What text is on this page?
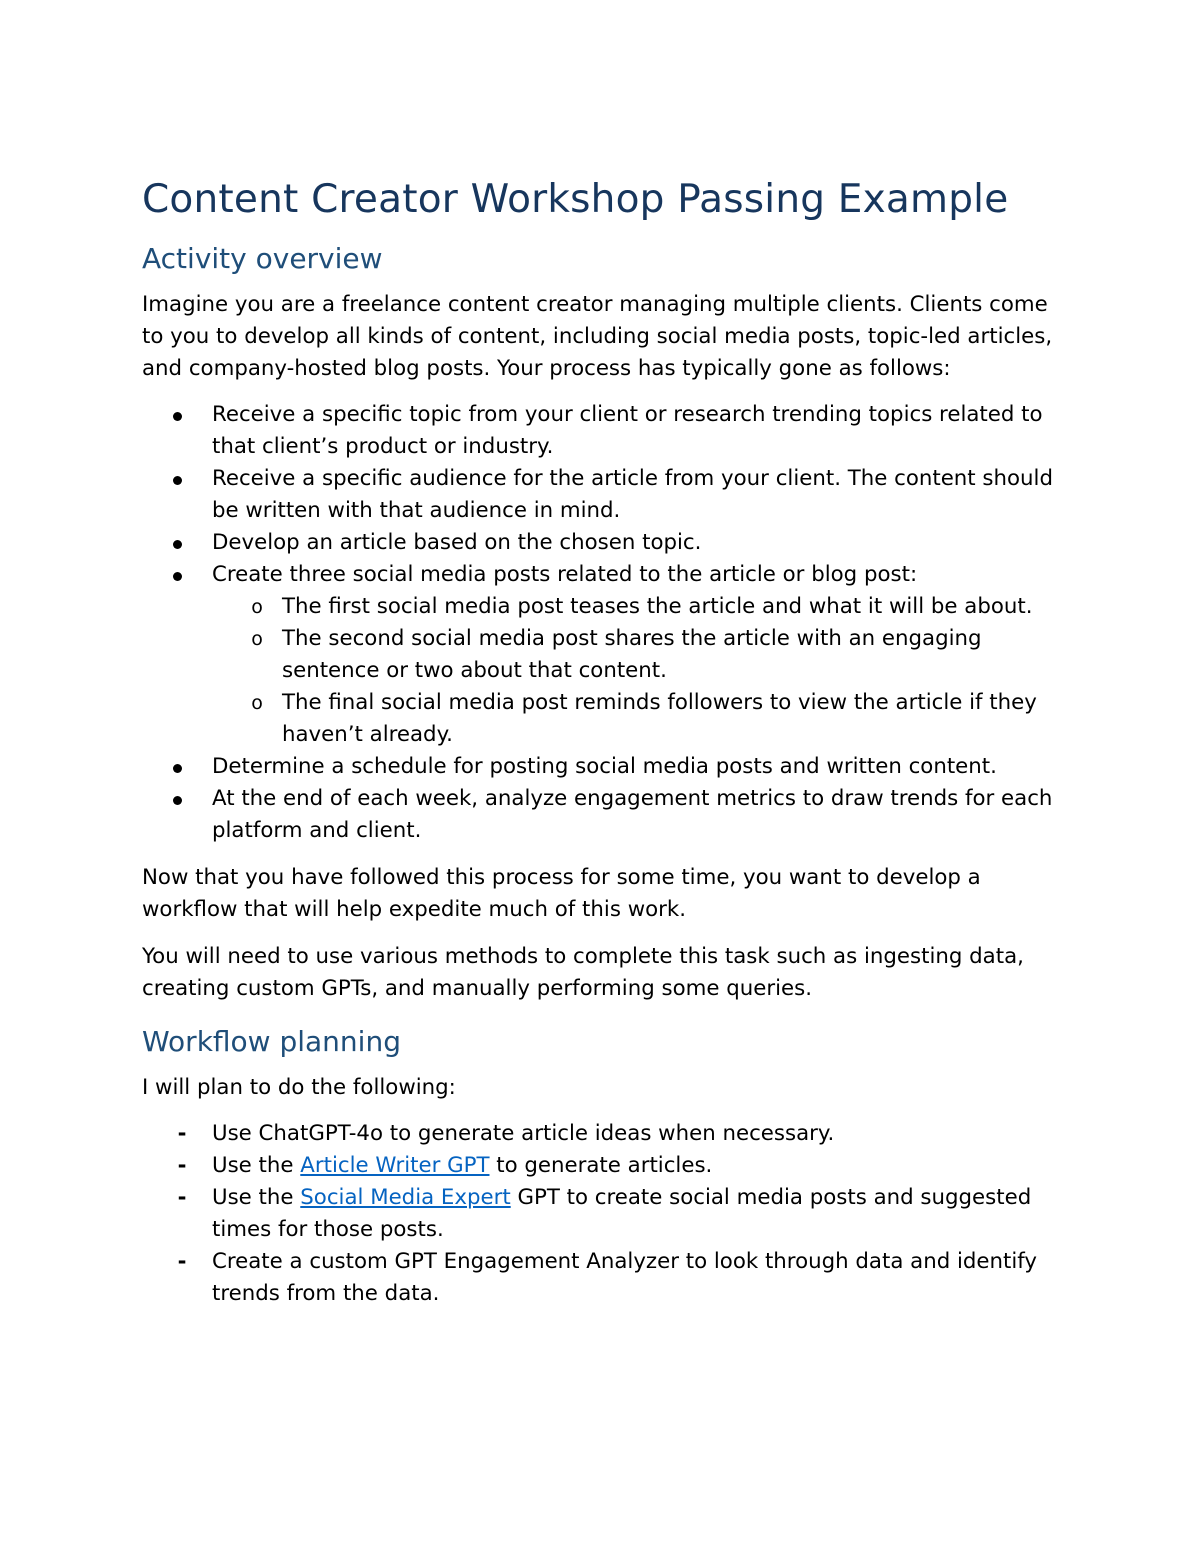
Content Creator Workshop Passing Example
Activity overview

Imagine you are a freelance content creator managing multiple clients. Clients come to you to develop all kinds of content, including social media posts, topic-led articles, and company-hosted blog posts. Your process has typically gone as follows:

Receive a specific topic from your client or research trending topics related to that client’s product or industry.
Receive a specific audience for the article from your client. The content should be written with that audience in mind.
Develop an article based on the chosen topic.
Create three social media posts related to the article or blog post:
o The first social media post teases the article and what it will be about.
o The second social media post shares the article with an engaging sentence or two about that content.
o The final social media post reminds followers to view the article if they haven’t already.
Determine a schedule for posting social media posts and written content.
At the end of each week, analyze engagement metrics to draw trends for each platform and client.

Now that you have followed this process for some time, you want to develop a workflow that will help expedite much of this work.

You will need to use various methods to complete this task such as ingesting data, creating custom GPTs, and manually performing some queries.

Workflow planning

I will plan to do the following:

- Use ChatGPT-4o to generate article ideas when necessary.
- Use the Article Writer GPT to generate articles.
- Use the Social Media Expert GPT to create social media posts and suggested times for those posts.
- Create a custom GPT Engagement Analyzer to look through data and identify trends from the data.
